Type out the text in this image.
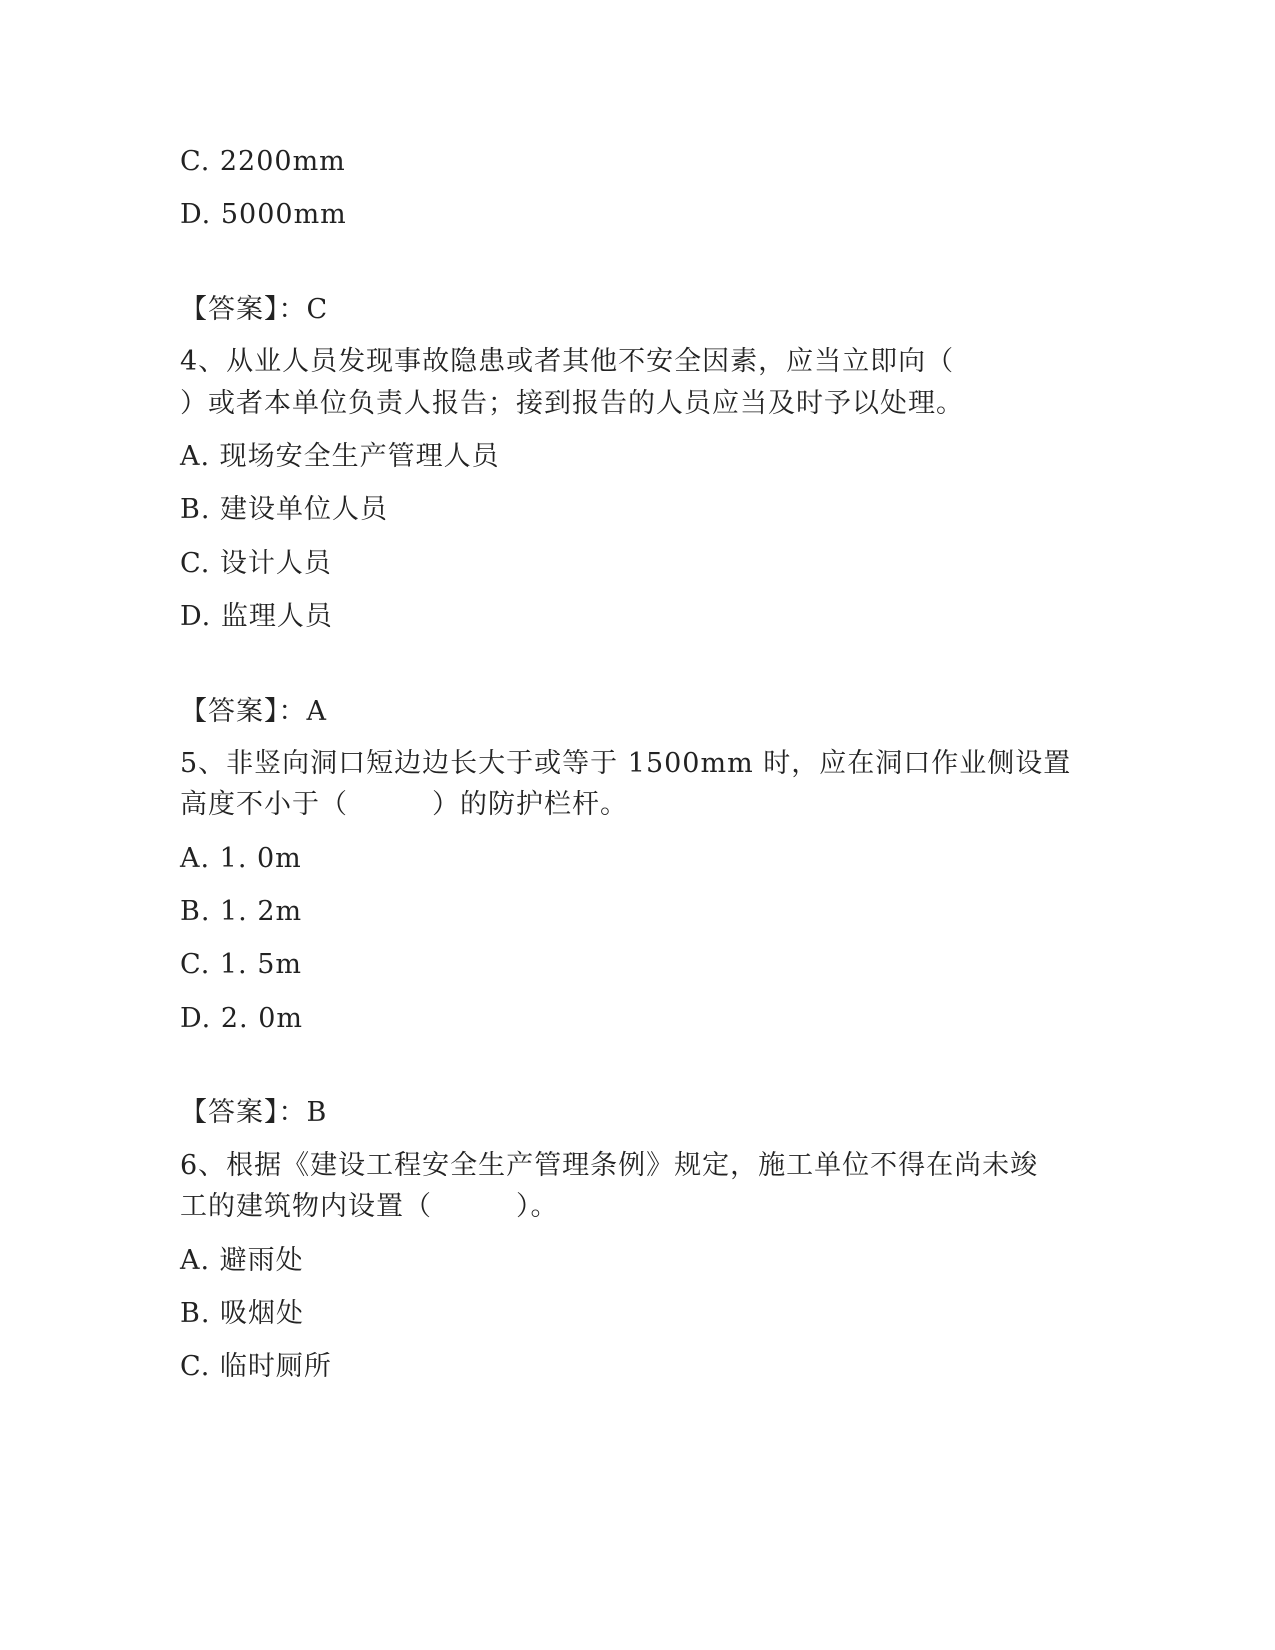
C. 2200mm
D. 5000mm
【答案】：C
4、从业人员发现事故隐患或者其他不安全因素，应当立即向（
）或者本单位负责人报告；接到报告的人员应当及时予以处理。
A. 现场安全生产管理人员
B. 建设单位人员
C. 设计人员
D. 监理人员
【答案】：A
5、非竖向洞口短边边长大于或等于 1500mm 时，应在洞口作业侧设置
高度不小于（　　　）的防护栏杆。
A. 1. 0m
B. 1. 2m
C. 1. 5m
D. 2. 0m
【答案】：B
6、根据《建设工程安全生产管理条例》规定，施工单位不得在尚未竣
工的建筑物内设置（　　　）。
A. 避雨处
B. 吸烟处
C. 临时厕所
